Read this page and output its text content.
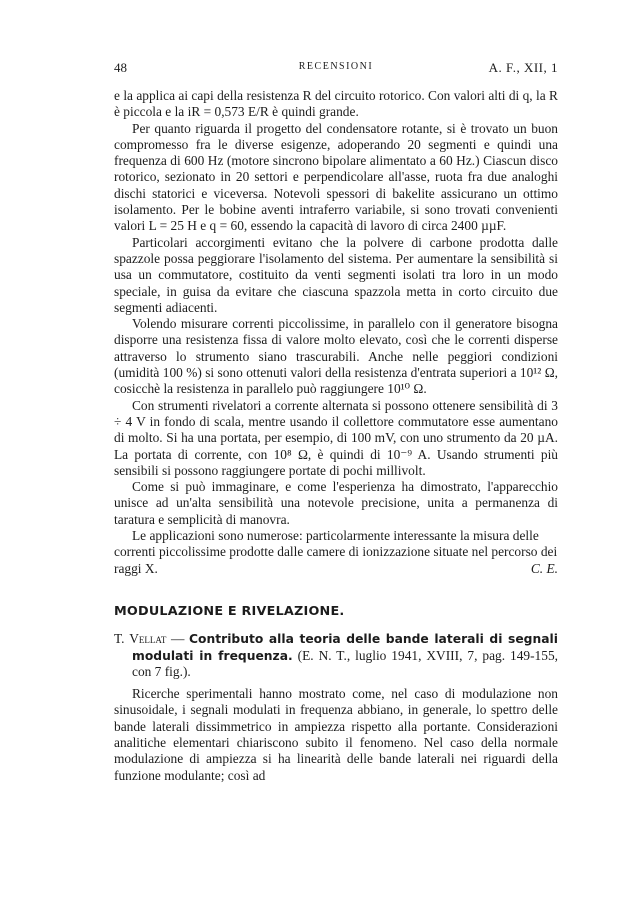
48	RECENSIONI	A. F., XII, 1

e la applica ai capi della resistenza R del circuito rotorico. Con valori alti di q, la R è piccola e la iR = 0,573 E/R è quindi grande.

Per quanto riguarda il progetto del condensatore rotante, si è trovato un buon compromesso fra le diverse esigenze, adoperando 20 segmenti e quindi una frequenza di 600 Hz (motore sincrono bipolare alimentato a 60 Hz.) Ciascun disco rotorico, sezionato in 20 settori e perpendicolare all'asse, ruota fra due analoghi dischi statorici e viceversa. Notevoli spessori di bakelite assicurano un ottimo isolamento. Per le bobine aventi intraferro variabile, si sono trovati convenienti valori L = 25 H e q = 60, essendo la capacità di lavoro di circa 2400 µµF.

Particolari accorgimenti evitano che la polvere di carbone prodotta dalle spazzole possa peggiorare l'isolamento del sistema. Per aumentare la sensibilità si usa un commutatore, costituito da venti segmenti isolati tra loro in un modo speciale, in guisa da evitare che ciascuna spazzola metta in corto circuito due segmenti adiacenti.

Volendo misurare correnti piccolissime, in parallelo con il generatore bisogna disporre una resistenza fissa di valore molto elevato, così che le correnti disperse attraverso lo strumento siano trascurabili. Anche nelle peggiori condizioni (umidità 100 %) si sono ottenuti valori della resistenza d'entrata superiori a 10¹² Ω, cosicchè la resistenza in parallelo può raggiungere 10¹⁰ Ω.

Con strumenti rivelatori a corrente alternata si possono ottenere sensibilità di 3 ÷ 4 V in fondo di scala, mentre usando il collettore commutatore esse aumentano di molto. Si ha una portata, per esempio, di 100 mV, con uno strumento da 20 µA. La portata di corrente, con 10⁸ Ω, è quindi di 10⁻⁹ A. Usando strumenti più sensibili si possono raggiungere portate di pochi millivolt.

Come si può immaginare, e come l'esperienza ha dimostrato, l'apparecchio unisce ad un'alta sensibilità una notevole precisione, unita a permanenza di taratura e semplicità di manovra.

Le applicazioni sono numerose: particolarmente interessante la misura delle correnti piccolissime prodotte dalle camere di ionizzazione situate nel percorso dei raggi X.	C. E.

MODULAZIONE E RIVELAZIONE.

T. Vellat — Contributo alla teoria delle bande laterali di segnali modulati in frequenza. (E. N. T., luglio 1941, XVIII, 7, pag. 149-155, con 7 fig.).

Ricerche sperimentali hanno mostrato come, nel caso di modulazione non sinusoidale, i segnali modulati in frequenza abbiano, in generale, lo spettro delle bande laterali dissimmetrico in ampiezza rispetto alla portante. Considerazioni analitiche elementari chiariscono subito il fenomeno. Nel caso della normale modulazione di ampiezza si ha linearità delle bande laterali nei riguardi della funzione modulante; così ad
